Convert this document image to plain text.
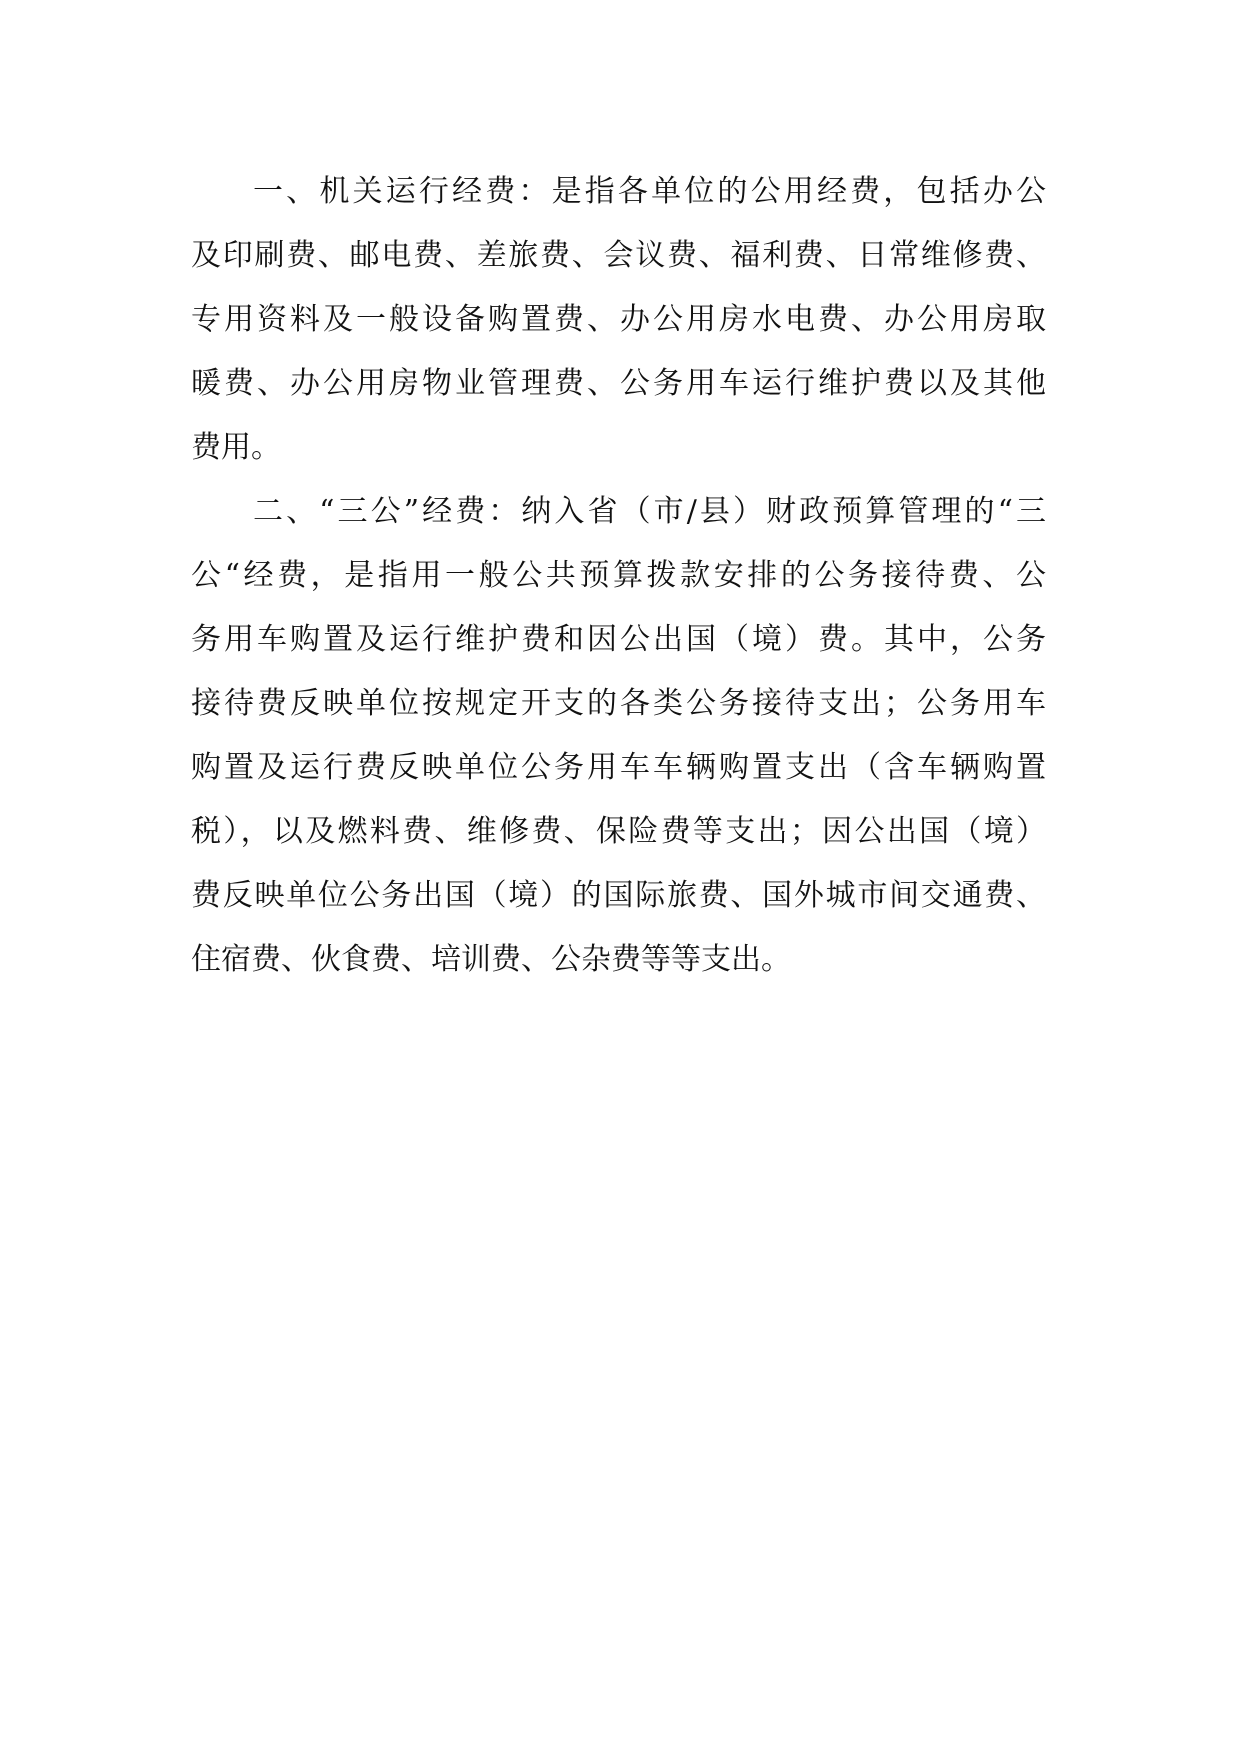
一、机关运行经费：是指各单位的公用经费，包括办公
及印刷费、邮电费、差旅费、会议费、福利费、日常维修费、
专用资料及一般设备购置费、办公用房水电费、办公用房取
暖费、办公用房物业管理费、公务用车运行维护费以及其他
费用。
二、“三公”经费：纳入省（市/县）财政预算管理的“三
公“经费，是指用一般公共预算拨款安排的公务接待费、公
务用车购置及运行维护费和因公出国（境）费。其中，公务
接待费反映单位按规定开支的各类公务接待支出；公务用车
购置及运行费反映单位公务用车车辆购置支出（含车辆购置
税），以及燃料费、维修费、保险费等支出；因公出国（境）
费反映单位公务出国（境）的国际旅费、国外城市间交通费、
住宿费、伙食费、培训费、公杂费等等支出。
